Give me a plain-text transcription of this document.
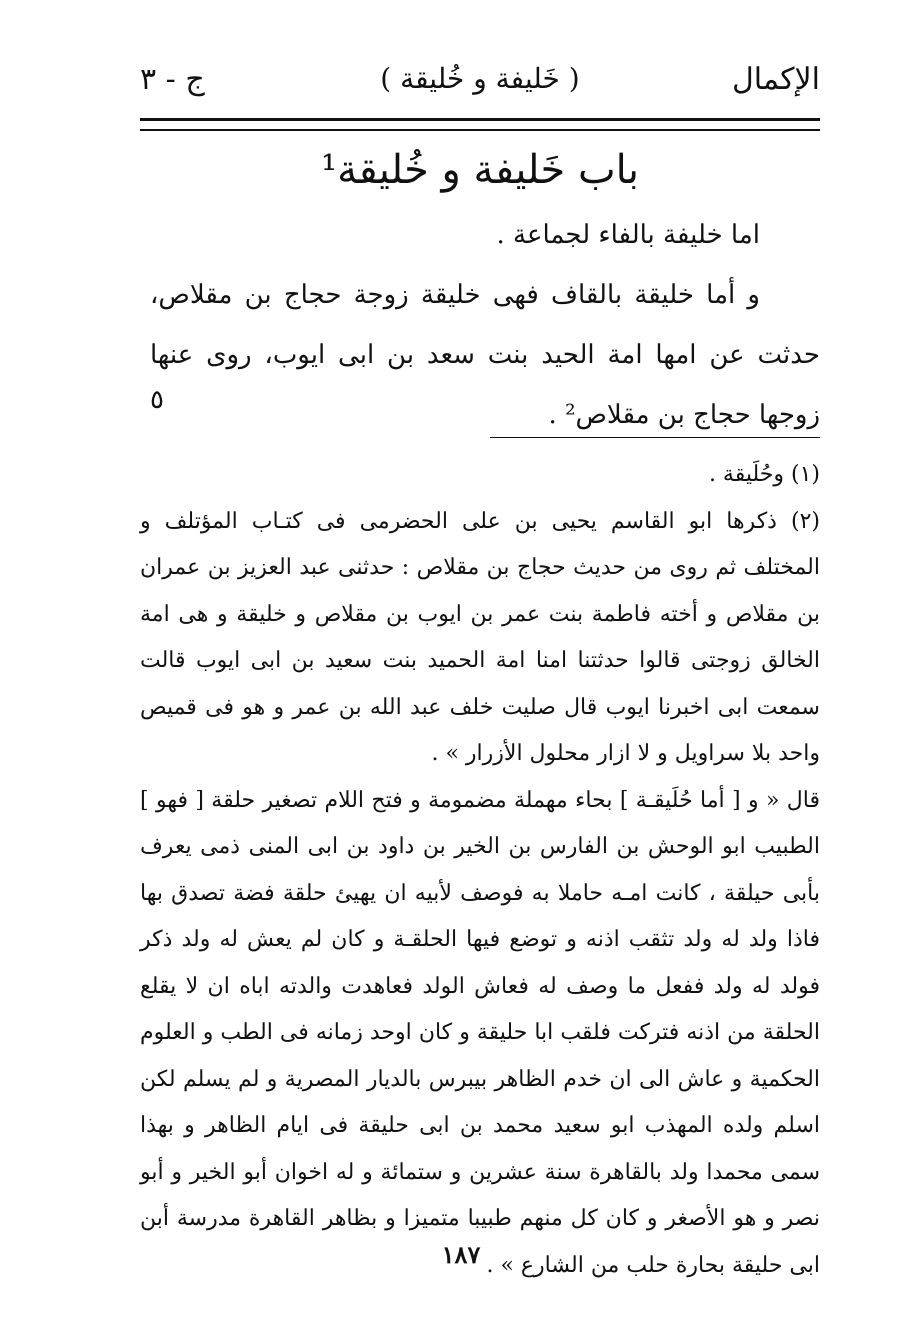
الإكمال
( خَليفة و خُليقة )
ج - ٣
باب خَليفة و خُليقة¹

اما خليفة بالفاء لجماعة .

و أما خليقة بالقاف فهى خليقة زوجة حجاج بن مقلاص، حدثت عن امها امة الحيد بنت سعد بن ابى ايوب، روى عنها زوجها حجاج بن مقلاص² .

٥

(١) وحُلَيقة .

(٢) ذكرها ابو القاسم يحيى بن على الحضرمى فى كتـاب المؤتلف و المختلف ثم روى من حديث حجاج بن مقلاص : حدثنى عبد العزيز بن عمران بن مقلاص و أخته فاطمة بنت عمر بن ايوب بن مقلاص و خليقة و هى امة الخالق زوجتى قالوا حدثتنا امنا امة الحميد بنت سعيد بن ابى ايوب قالت سمعت ابى اخبرنا ايوب قال صليت خلف عبد الله بن عمر و هو فى قميص واحد بلا سراويل و لا ازار محلول الأزرار » .

قال « و [ أما حُلَيقـة ] بحاء مهملة مضمومة و فتح اللام تصغير حلقة [ فهو ] الطبيب ابو الوحش بن الفارس بن الخير بن داود بن ابى المنى ذمى يعرف بأبى حيلقة ، كانت امـه حاملا به فوصف لأبيه ان يهيئ حلقة فضة تصدق بها فاذا ولد له ولد تثقب اذنه و توضع فيها الحلقـة و كان لم يعش له ولد ذكر فولد له ولد ففعل ما وصف له فعاش الولد فعاهدت والدته اباه ان لا يقلع الحلقة من اذنه فتركت فلقب ابا حليقة و كان اوحد زمانه فى الطب و العلوم الحكمية و عاش الى ان خدم الظاهر بيبرس بالديار المصرية و لم يسلم لكن اسلم ولده المهذب ابو سعيد محمد بن ابى حليقة فى ايام الظاهر و بهذا سمى محمدا ولد بالقاهرة سنة عشرين و ستمائة و له اخوان أبو الخير و أبو نصر و هو الأصغر و كان كل منهم طبيبا متميزا و بظاهر القاهرة مدرسة أبن ابى حليقة بحارة حلب من الشارع » .

١٨٧
